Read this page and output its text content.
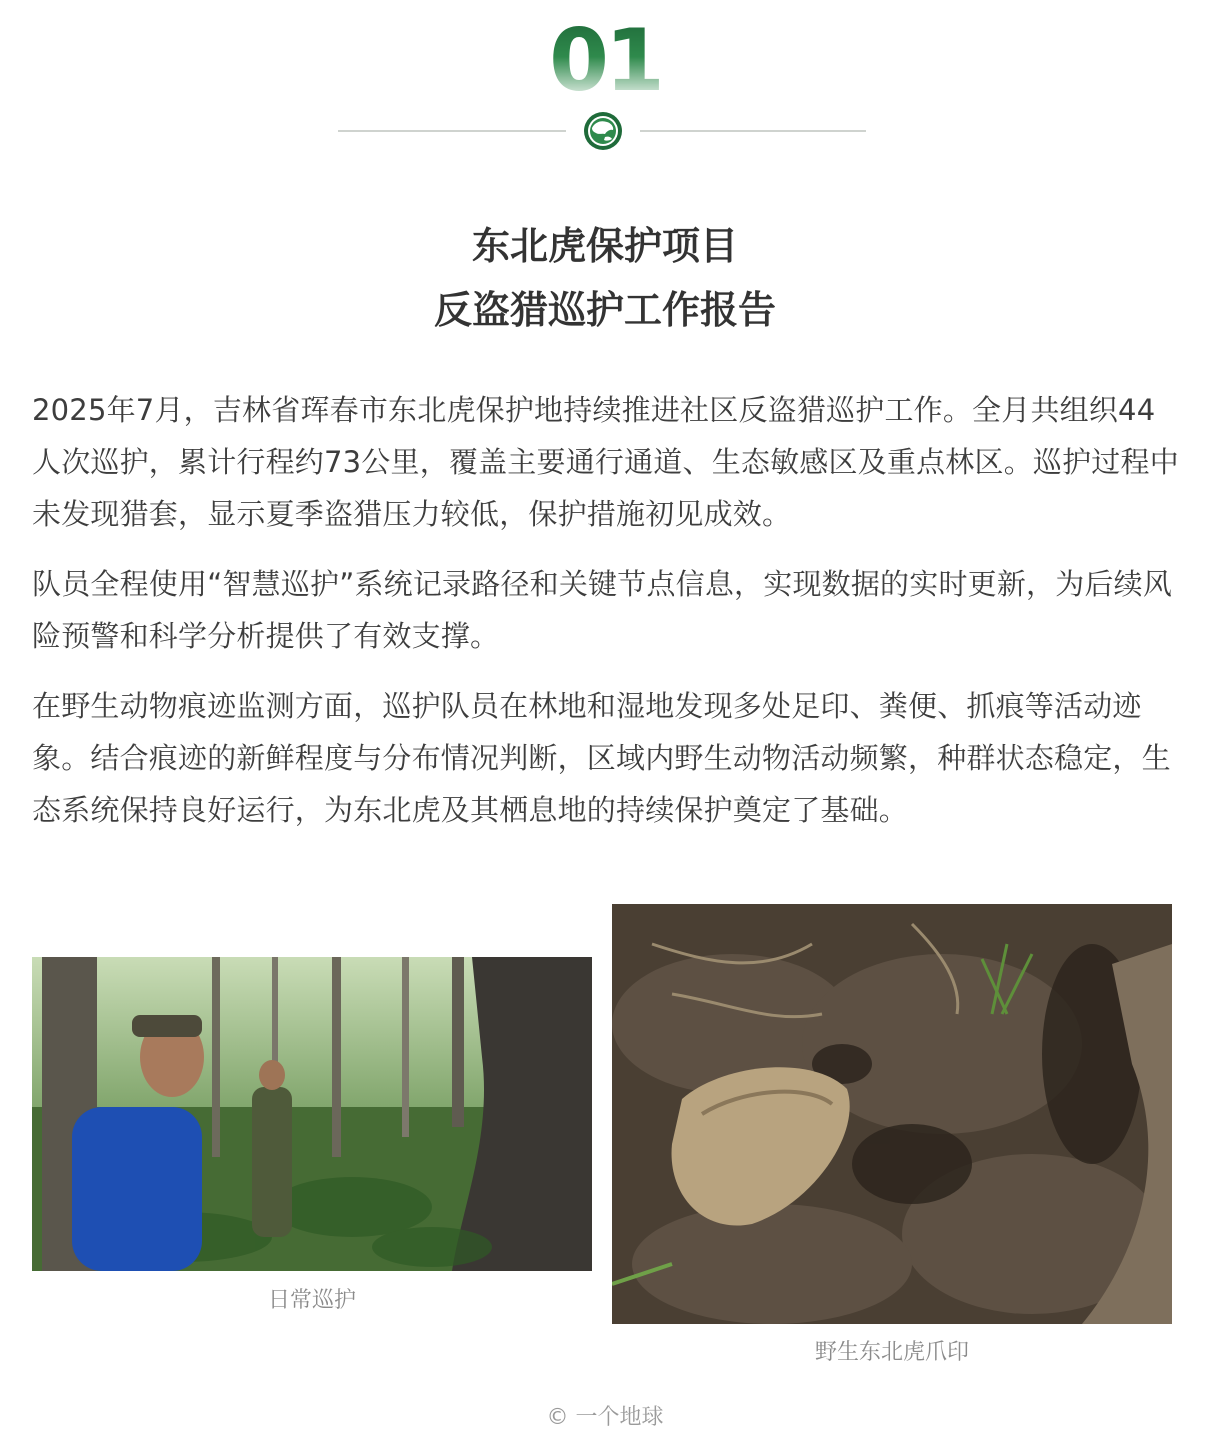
01
东北虎保护项目
反盗猎巡护工作报告

2025年7月，吉林省珲春市东北虎保护地持续推进社区反盗猎巡护工作。全月共组织44人次巡护，累计行程约73公里，覆盖主要通行通道、生态敏感区及重点林区。巡护过程中未发现猎套，显示夏季盗猎压力较低，保护措施初见成效。

队员全程使用“智慧巡护”系统记录路径和关键节点信息，实现数据的实时更新，为后续风险预警和科学分析提供了有效支撑。

在野生动物痕迹监测方面，巡护队员在林地和湿地发现多处足印、粪便、抓痕等活动迹象。结合痕迹的新鲜程度与分布情况判断，区域内野生动物活动频繁，种群状态稳定，生态系统保持良好运行，为东北虎及其栖息地的持续保护奠定了基础。

日常巡护
野生东北虎爪印
© 一个地球
